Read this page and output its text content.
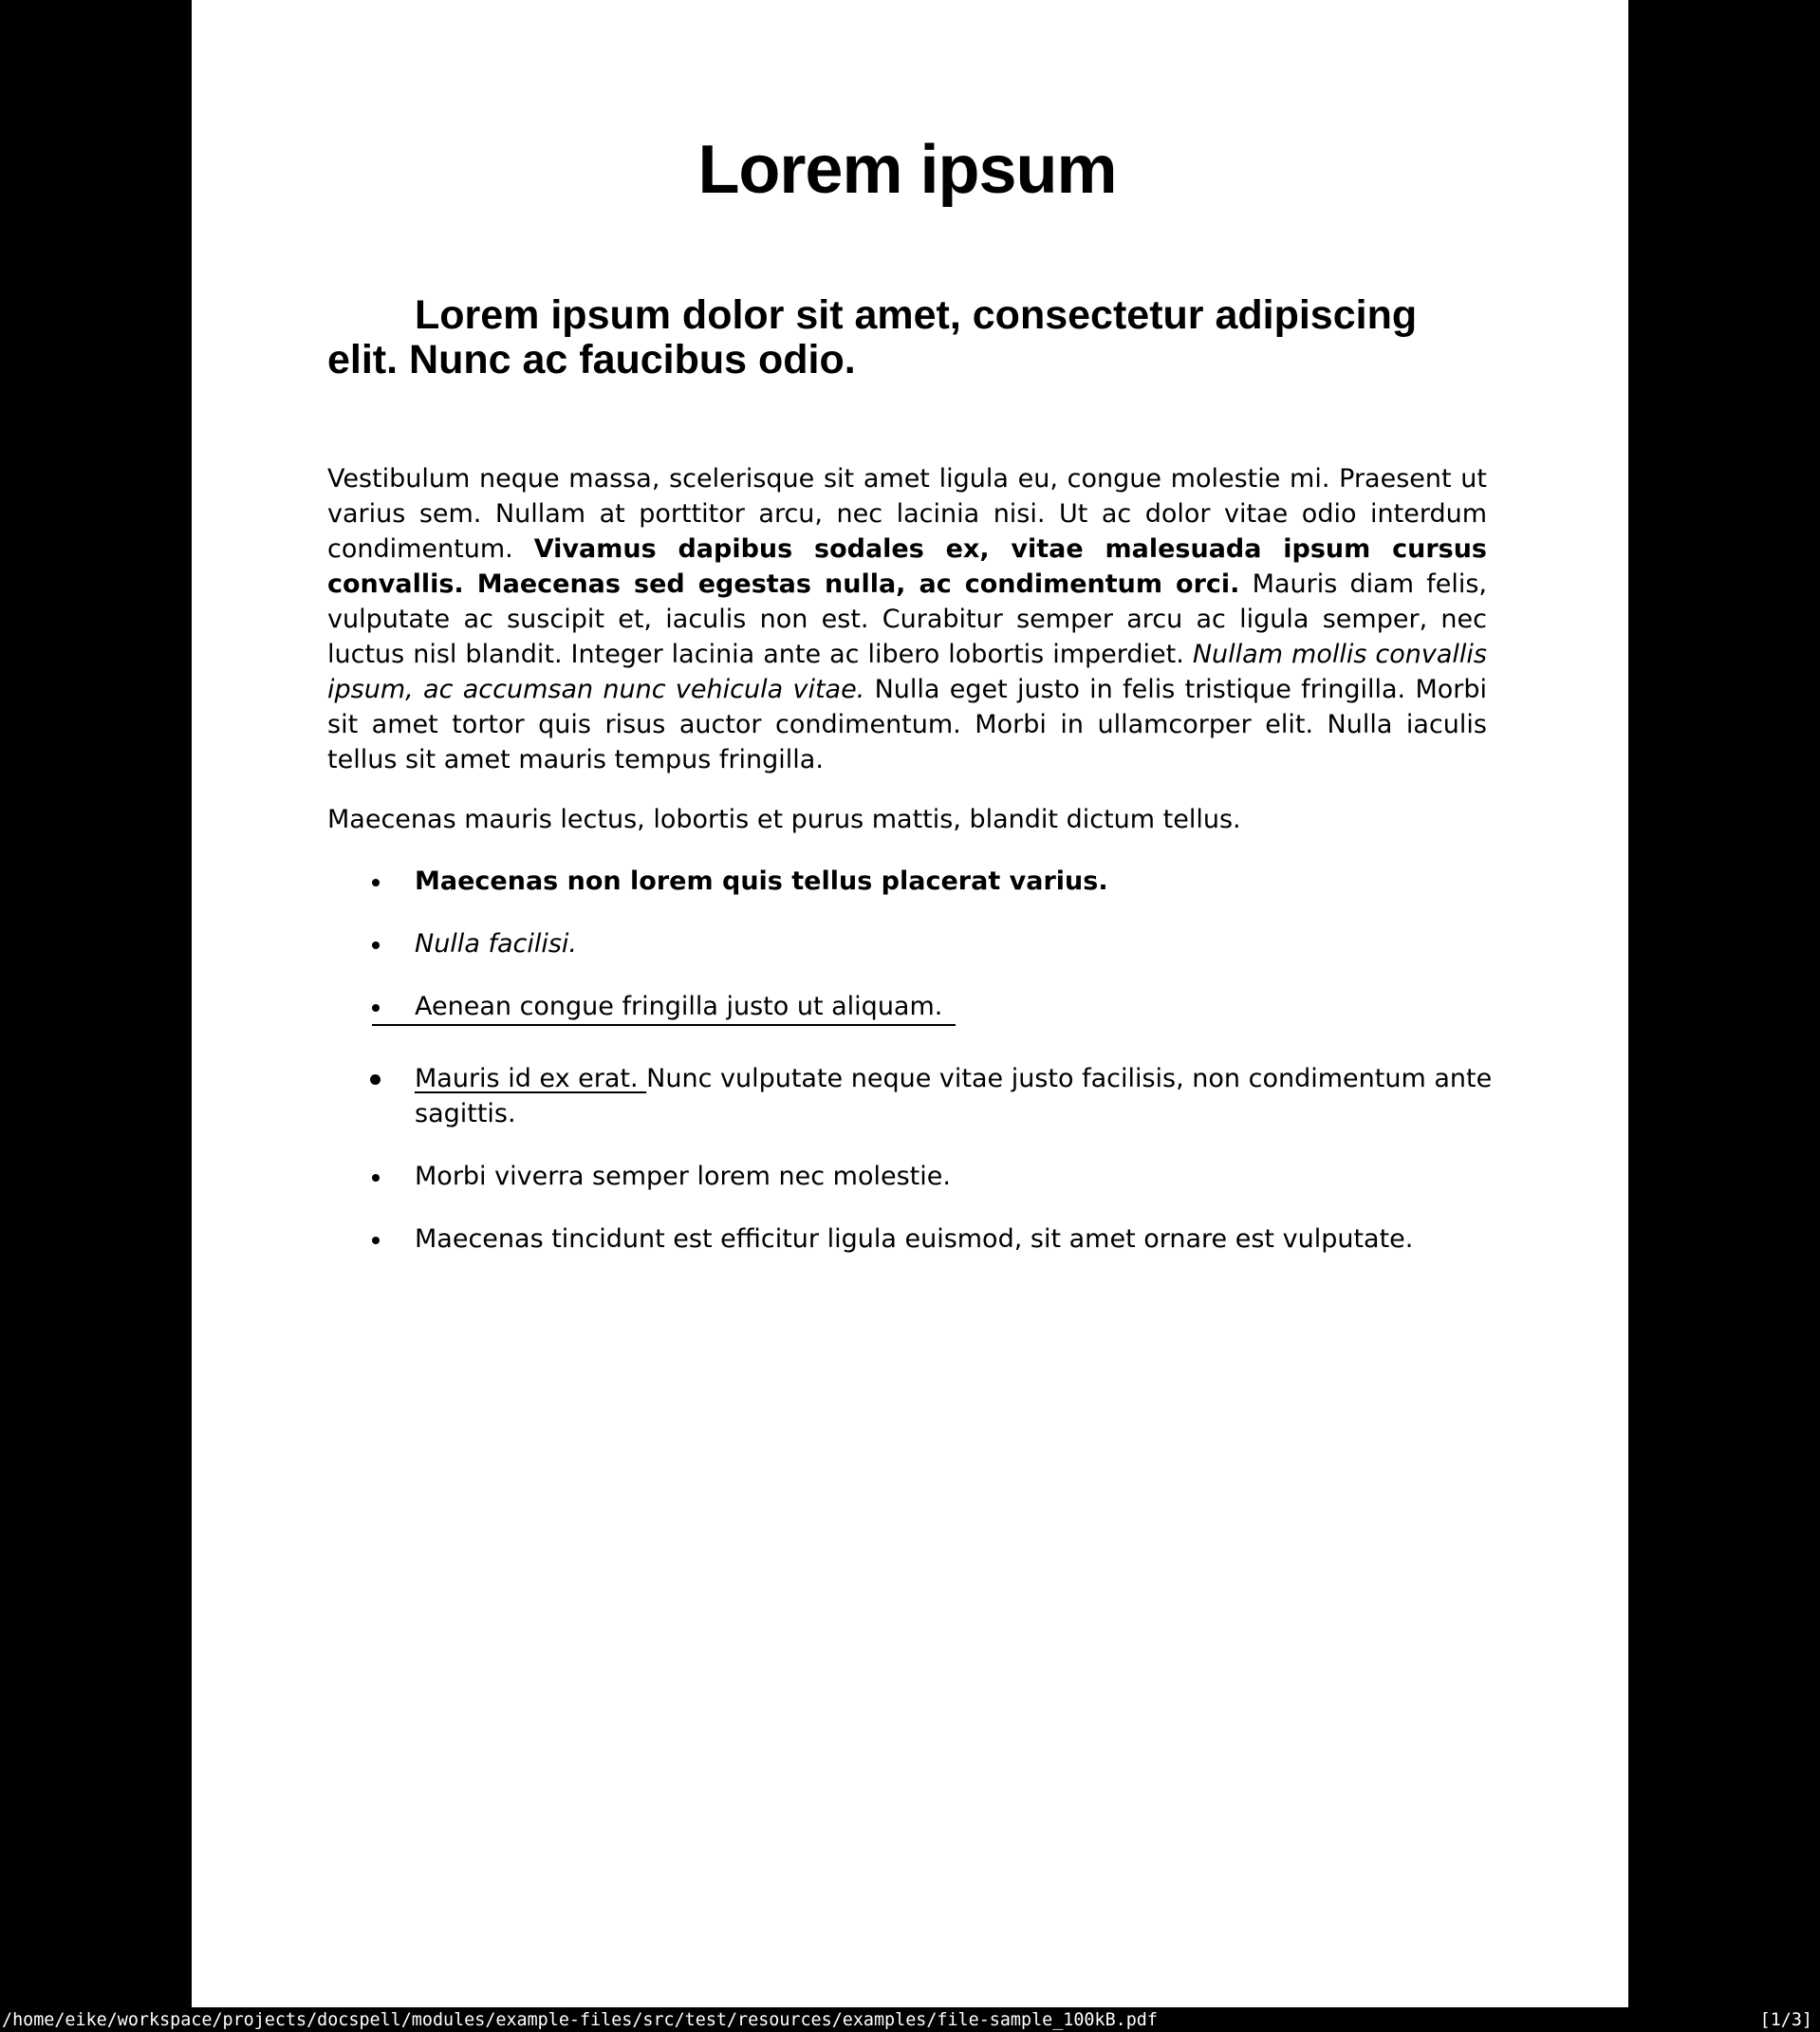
Lorem ipsum
Lorem ipsum dolor sit amet, consectetur adipiscing
elit. Nunc ac faucibus odio.

Vestibulum neque massa, scelerisque sit amet ligula eu, congue molestie mi. Praesent ut varius sem. Nullam at porttitor arcu, nec lacinia nisi. Ut ac dolor vitae odio interdum condimentum. Vivamus dapibus sodales ex, vitae malesuada ipsum cursus convallis. Maecenas sed egestas nulla, ac condimentum orci. Mauris diam felis, vulputate ac suscipit et, iaculis non est. Curabitur semper arcu ac ligula semper, nec luctus nisl blandit. Integer lacinia ante ac libero lobortis imperdiet. Nullam mollis convallis ipsum, ac accumsan nunc vehicula vitae. Nulla eget justo in felis tristique fringilla. Morbi sit amet tortor quis risus auctor condimentum. Morbi in ullamcorper elit. Nulla iaculis tellus sit amet mauris tempus fringilla.

Maecenas mauris lectus, lobortis et purus mattis, blandit dictum tellus.

Maecenas non lorem quis tellus placerat varius.
Nulla facilisi.
Aenean congue fringilla justo ut aliquam.
Mauris id ex erat. Nunc vulputate neque vitae justo facilisis, non condimentum ante sagittis.
Morbi viverra semper lorem nec molestie.
Maecenas tincidunt est efficitur ligula euismod, sit amet ornare est vulputate.
/home/eike/workspace/projects/docspell/modules/example-files/src/test/resources/examples/file-sample_100kB.pdf	[1/3]
